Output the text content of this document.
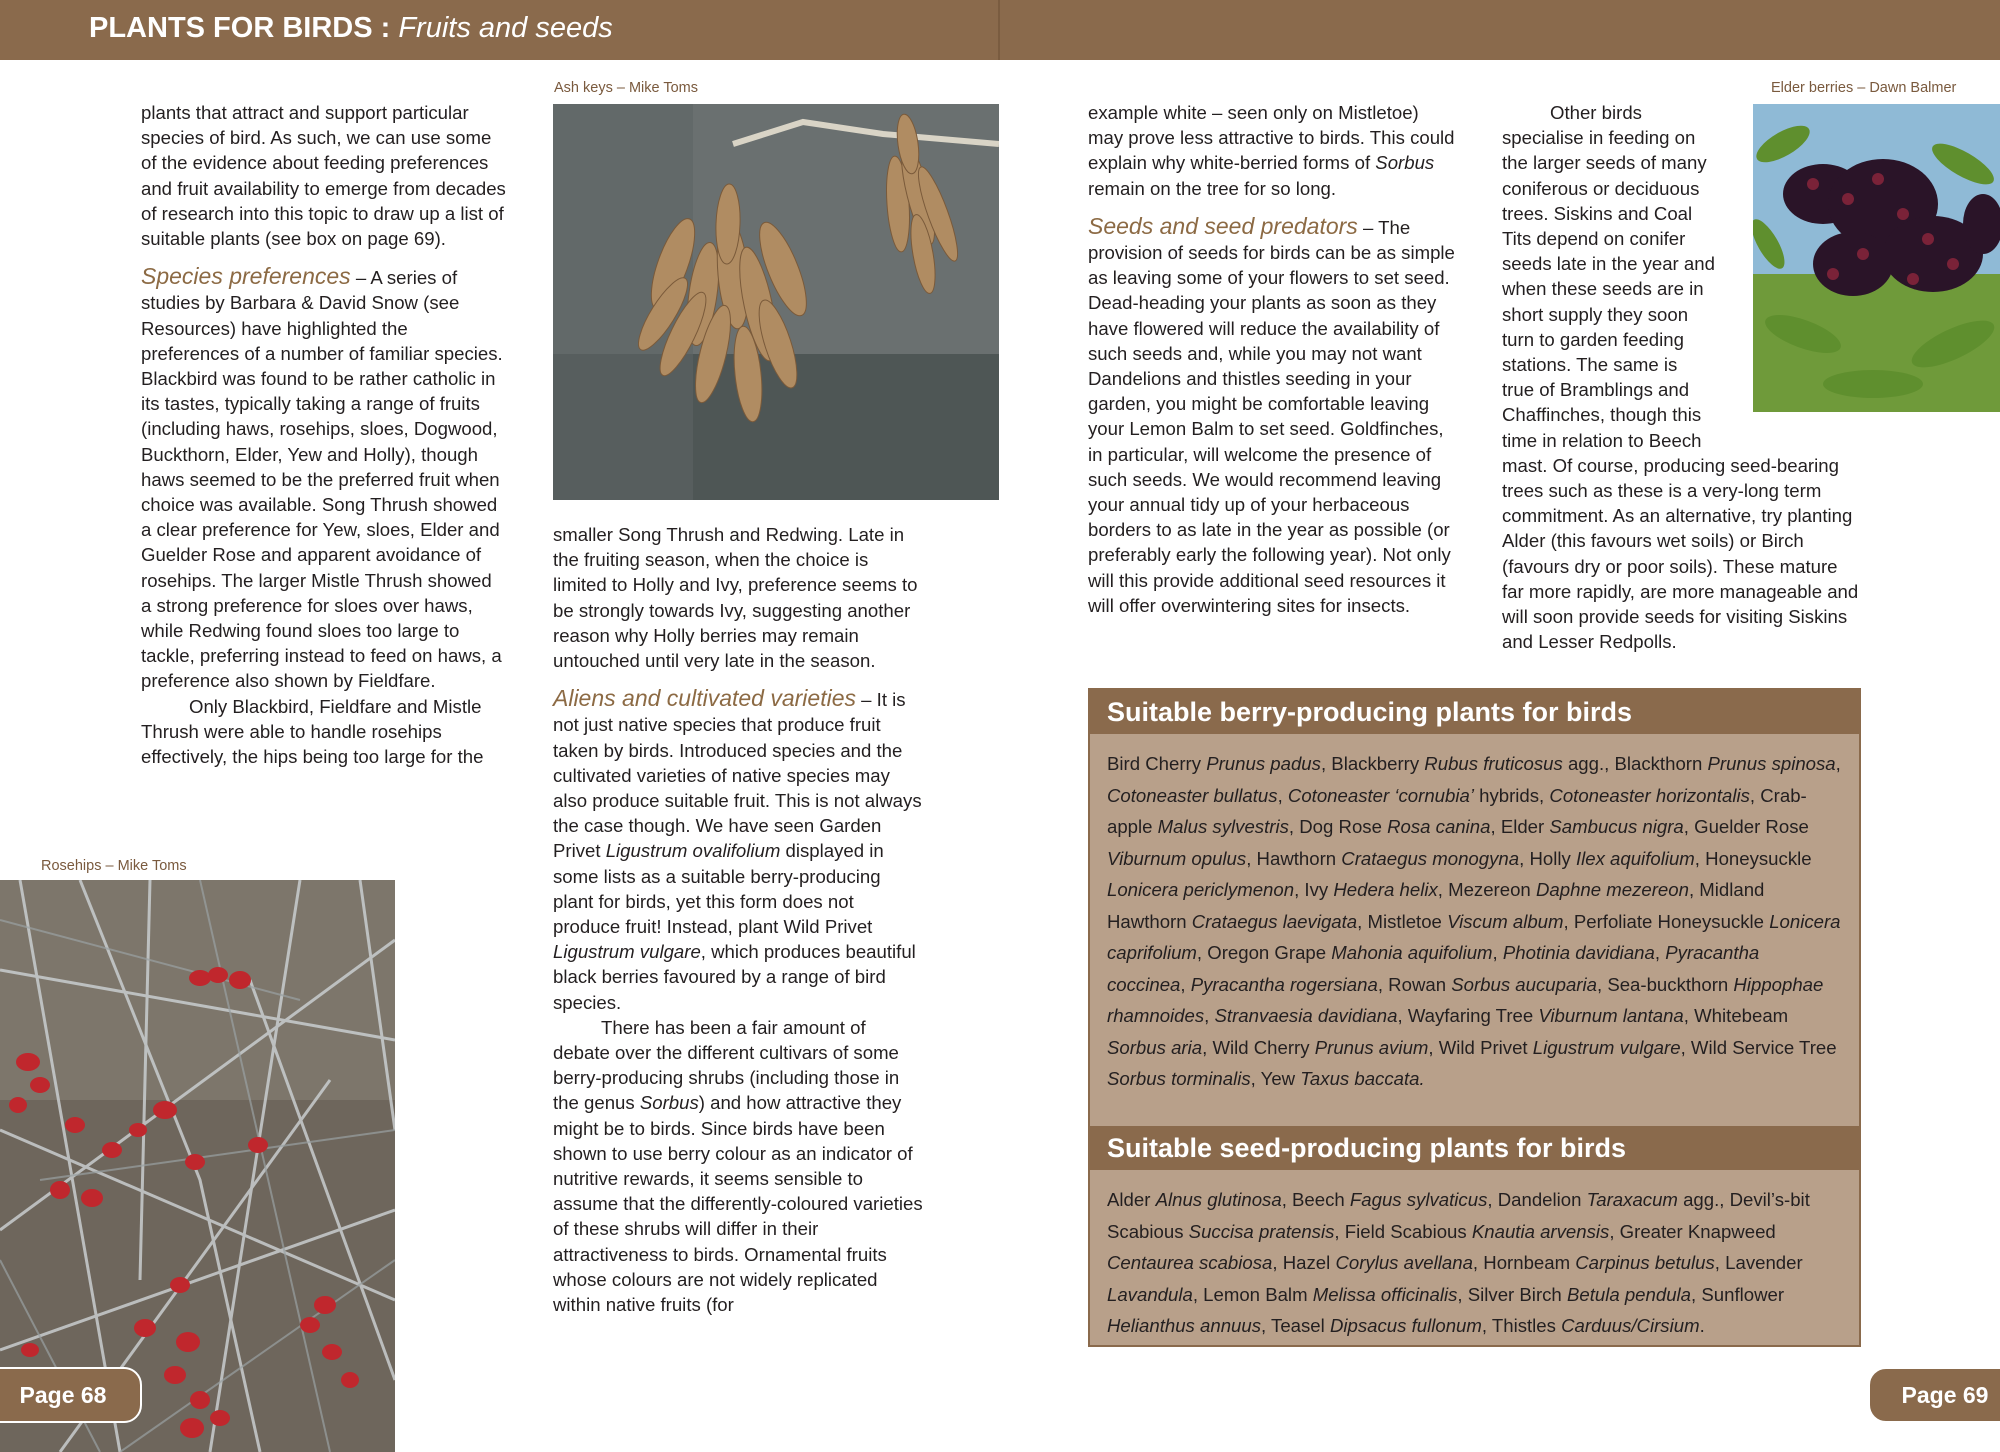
PLANTS FOR BIRDS : Fruits and seeds

plants that attract and support particular species of bird. As such, we can use some of the evidence about feeding preferences and fruit availability to emerge from decades of research into this topic to draw up a list of suitable plants (see box on page 69).

Species preferences – A series of studies by Barbara & David Snow (see Resources) have highlighted the preferences of a number of familiar species. Blackbird was found to be rather catholic in its tastes, typically taking a range of fruits (including haws, rosehips, sloes, Dogwood, Buckthorn, Elder, Yew and Holly), though haws seemed to be the preferred fruit when choice was available. Song Thrush showed a clear preference for Yew, sloes, Elder and Guelder Rose and apparent avoidance of rosehips. The larger Mistle Thrush showed a strong preference for sloes over haws, while Redwing found sloes too large to tackle, preferring instead to feed on haws, a preference also shown by Fieldfare.

Only Blackbird, Fieldfare and Mistle Thrush were able to handle rosehips effectively, the hips being too large for the

Rosehips – Mike Toms
Page 68
Ash keys – Mike Toms

smaller Song Thrush and Redwing. Late in the fruiting season, when the choice is limited to Holly and Ivy, preference seems to be strongly towards Ivy, suggesting another reason why Holly berries may remain untouched until very late in the season.

Aliens and cultivated varieties – It is not just native species that produce fruit taken by birds. Introduced species and the cultivated varieties of native species may also produce suitable fruit. This is not always the case though. We have seen Garden Privet Ligustrum ovalifolium displayed in some lists as a suitable berry-producing plant for birds, yet this form does not produce fruit! Instead, plant Wild Privet Ligustrum vulgare, which produces beautiful black berries favoured by a range of bird species.

There has been a fair amount of debate over the different cultivars of some berry-producing shrubs (including those in the genus Sorbus) and how attractive they might be to birds. Since birds have been shown to use berry colour as an indicator of nutritive rewards, it seems sensible to assume that the differently-coloured varieties of these shrubs will differ in their attractiveness to birds. Ornamental fruits whose colours are not widely replicated within native fruits (for

example white – seen only on Mistletoe) may prove less attractive to birds. This could explain why white-berried forms of Sorbus remain on the tree for so long.

Seeds and seed predators – The provision of seeds for birds can be as simple as leaving some of your flowers to set seed. Dead-heading your plants as soon as they have flowered will reduce the availability of such seeds and, while you may not want Dandelions and thistles seeding in your garden, you might be comfortable leaving your Lemon Balm to set seed. Goldfinches, in particular, will welcome the presence of such seeds. We would recommend leaving your annual tidy up of your herbaceous borders to as late in the year as possible (or preferably early the following year). Not only will this provide additional seed resources it will offer overwintering sites for insects.

Elder berries – Dawn Balmer
Other birds
specialise in feeding on
the larger seeds of many
coniferous or deciduous
trees. Siskins and Coal
Tits depend on conifer
seeds late in the year and
when these seeds are in
short supply they soon
turn to garden feeding
stations. The same is
true of Bramblings and
Chaffinches, though this
time in relation to Beech

mast. Of course, producing seed-bearing trees such as these is a very-long term commitment. As an alternative, try planting Alder (this favours wet soils) or Birch (favours dry or poor soils). These mature far more rapidly, are more manageable and will soon provide seeds for visiting Siskins and Lesser Redpolls.

Suitable berry-producing plants for birds
Bird Cherry Prunus padus, Blackberry Rubus fruticosus agg., Blackthorn Prunus spinosa, Cotoneaster bullatus, Cotoneaster ‘cornubia’ hybrids, Cotoneaster horizontalis, Crab-apple Malus sylvestris, Dog Rose Rosa canina, Elder Sambucus nigra, Guelder Rose Viburnum opulus, Hawthorn Crataegus monogyna, Holly Ilex aquifolium, Honeysuckle Lonicera periclymenon, Ivy Hedera helix, Mezereon Daphne mezereon, Midland Hawthorn Crataegus laevigata, Mistletoe Viscum album, Perfoliate Honeysuckle Lonicera caprifolium, Oregon Grape Mahonia aquifolium, Photinia davidiana, Pyracantha coccinea, Pyracantha rogersiana, Rowan Sorbus aucuparia, Sea-buckthorn Hippophae rhamnoides, Stranvaesia davidiana, Wayfaring Tree Viburnum lantana, Whitebeam Sorbus aria, Wild Cherry Prunus avium, Wild Privet Ligustrum vulgare, Wild Service Tree Sorbus torminalis, Yew Taxus baccata.
Suitable seed-producing plants for birds
Alder Alnus glutinosa, Beech Fagus sylvaticus, Dandelion Taraxacum agg., Devil’s-bit Scabious Succisa pratensis, Field Scabious Knautia arvensis, Greater Knapweed Centaurea scabiosa, Hazel Corylus avellana, Hornbeam Carpinus betulus, Lavender Lavandula, Lemon Balm Melissa officinalis, Silver Birch Betula pendula, Sunflower Helianthus annuus, Teasel Dipsacus fullonum, Thistles Carduus/Cirsium.
Page 69
